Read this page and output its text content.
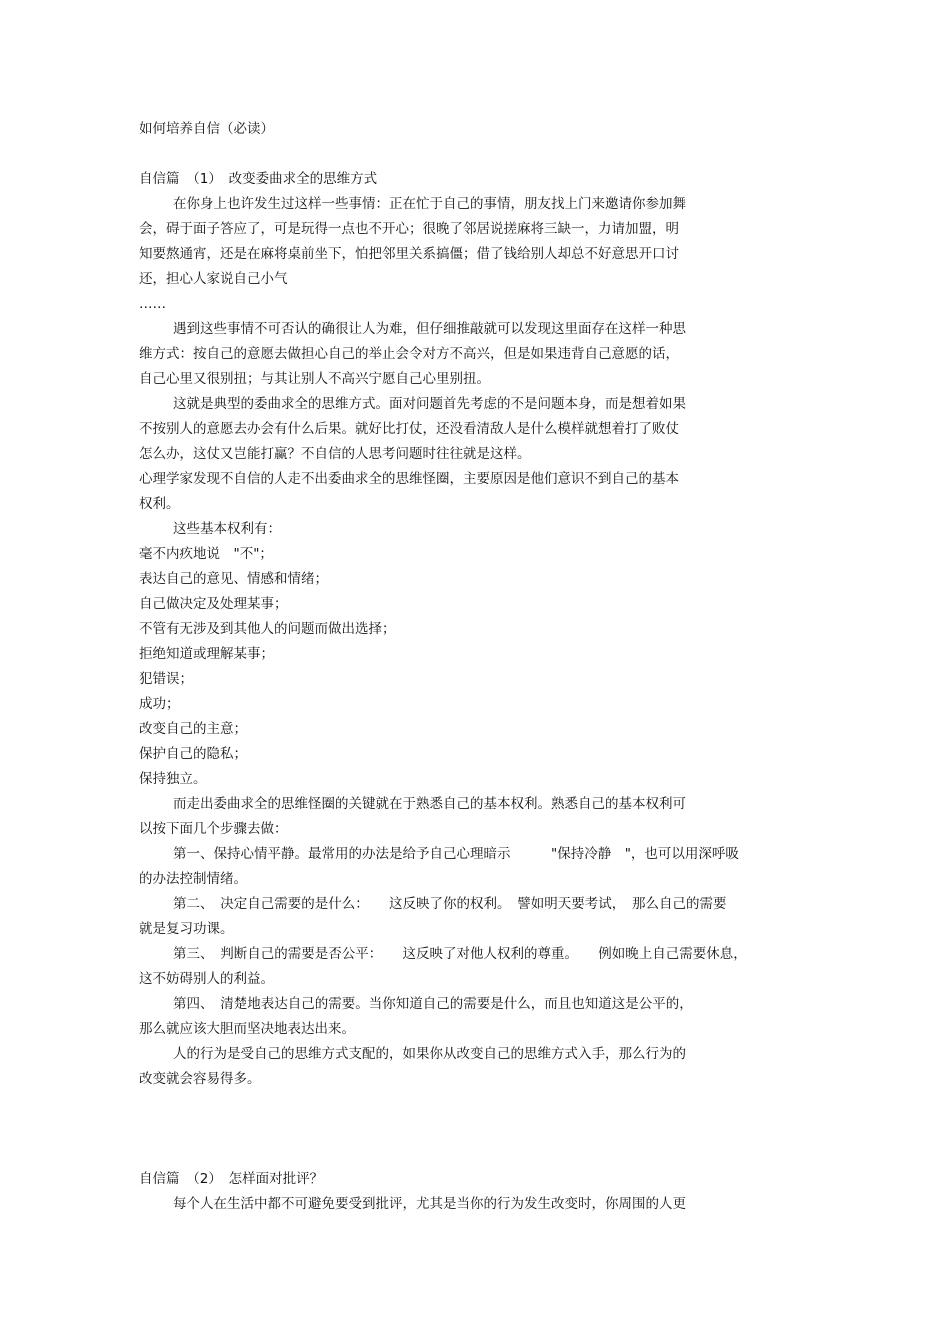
如何培养自信（必读）
自信篇　（1）　改变委曲求全的思维方式
在你身上也许发生过这样一些事情：正在忙于自己的事情，朋友找上门来邀请你参加舞
会，碍于面子答应了，可是玩得一点也不开心；很晚了邻居说搓麻将三缺一，力请加盟，明
知要熬通宵，还是在麻将桌前坐下，怕把邻里关系搞僵；借了钱给别人却总不好意思开口讨
还，担心人家说自己小气
……
遇到这些事情不可否认的确很让人为难，但仔细推敲就可以发现这里面存在这样一种思
维方式：按自己的意愿去做担心自己的举止会令对方不高兴，但是如果违背自己意愿的话，
自己心里又很别扭；与其让别人不高兴宁愿自己心里别扭。
这就是典型的委曲求全的思维方式。面对问题首先考虑的不是问题本身，而是想着如果
不按别人的意愿去办会有什么后果。就好比打仗，还没看清敌人是什么模样就想着打了败仗
怎么办，这仗又岂能打赢？不自信的人思考问题时往往就是这样。
心理学家发现不自信的人走不出委曲求全的思维怪圈，主要原因是他们意识不到自己的基本
权利。
这些基本权利有：
毫不内疚地说　"不"；
表达自己的意见、情感和情绪；
自己做决定及处理某事；
不管有无涉及到其他人的问题而做出选择；
拒绝知道或理解某事；
犯错误；
成功；
改变自己的主意；
保护自己的隐私；
保持独立。
而走出委曲求全的思维怪圈的关键就在于熟悉自己的基本权利。熟悉自己的基本权利可
以按下面几个步骤去做：
第一、保持心情平静。最常用的办法是给予自己心理暗示　　　"保持冷静　"，也可以用深呼吸
的办法控制情绪。
第二、　决定自己需要的是什么：　　这反映了你的权利。　譬如明天要考试，　那么自己的需要
就是复习功课。
第三、　判断自己的需要是否公平：　　这反映了对他人权利的尊重。　　例如晚上自己需要休息，
这不妨碍别人的利益。
第四、　清楚地表达自己的需要。当你知道自己的需要是什么，而且也知道这是公平的，
那么就应该大胆而坚决地表达出来。
人的行为是受自己的思维方式支配的，如果你从改变自己的思维方式入手，那么行为的
改变就会容易得多。
自信篇　（2）　怎样面对批评？
每个人在生活中都不可避免要受到批评，尤其是当你的行为发生改变时，你周围的人更
